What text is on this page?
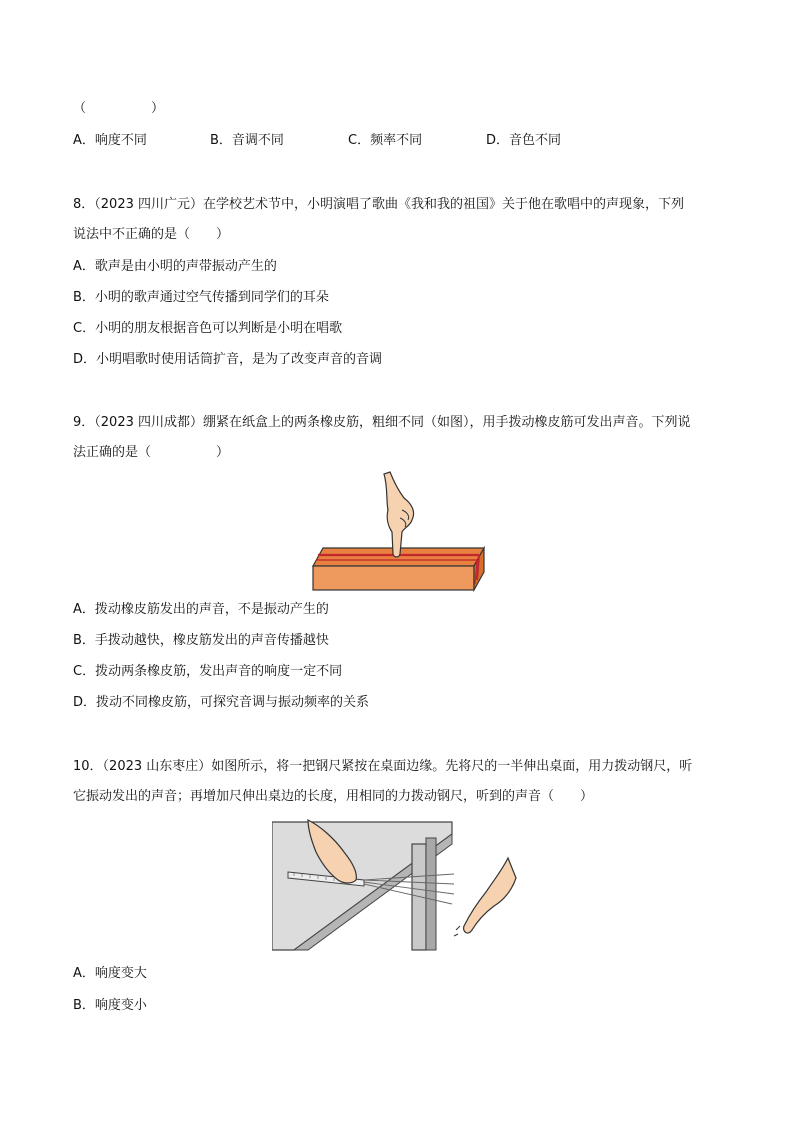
（　　　　　）
A．响度不同	B．音调不同	C．频率不同	D．音色不同
8．（2023 四川广元）在学校艺术节中，小明演唱了歌曲《我和我的祖国》关于他在歌唱中的声现象，下列
说法中不正确的是（　　）
A．歌声是由小明的声带振动产生的
B．小明的歌声通过空气传播到同学们的耳朵
C．小明的朋友根据音色可以判断是小明在唱歌
D．小明唱歌时使用话筒扩音，是为了改变声音的音调
9．（2023 四川成都）绷紧在纸盒上的两条橡皮筋，粗细不同（如图），用手拨动橡皮筋可发出声音。下列说
法正确的是（　　　　　）
A．拨动橡皮筋发出的声音，不是振动产生的
B．手拨动越快，橡皮筋发出的声音传播越快
C．拨动两条橡皮筋，发出声音的响度一定不同
D．拨动不同橡皮筋，可探究音调与振动频率的关系
10．（2023 山东枣庄）如图所示，将一把钢尺紧按在桌面边缘。先将尺的一半伸出桌面，用力拨动钢尺，听
它振动发出的声音；再增加尺伸出桌边的长度，用相同的力拨动钢尺，听到的声音（　　）
A．响度变大
B．响度变小
